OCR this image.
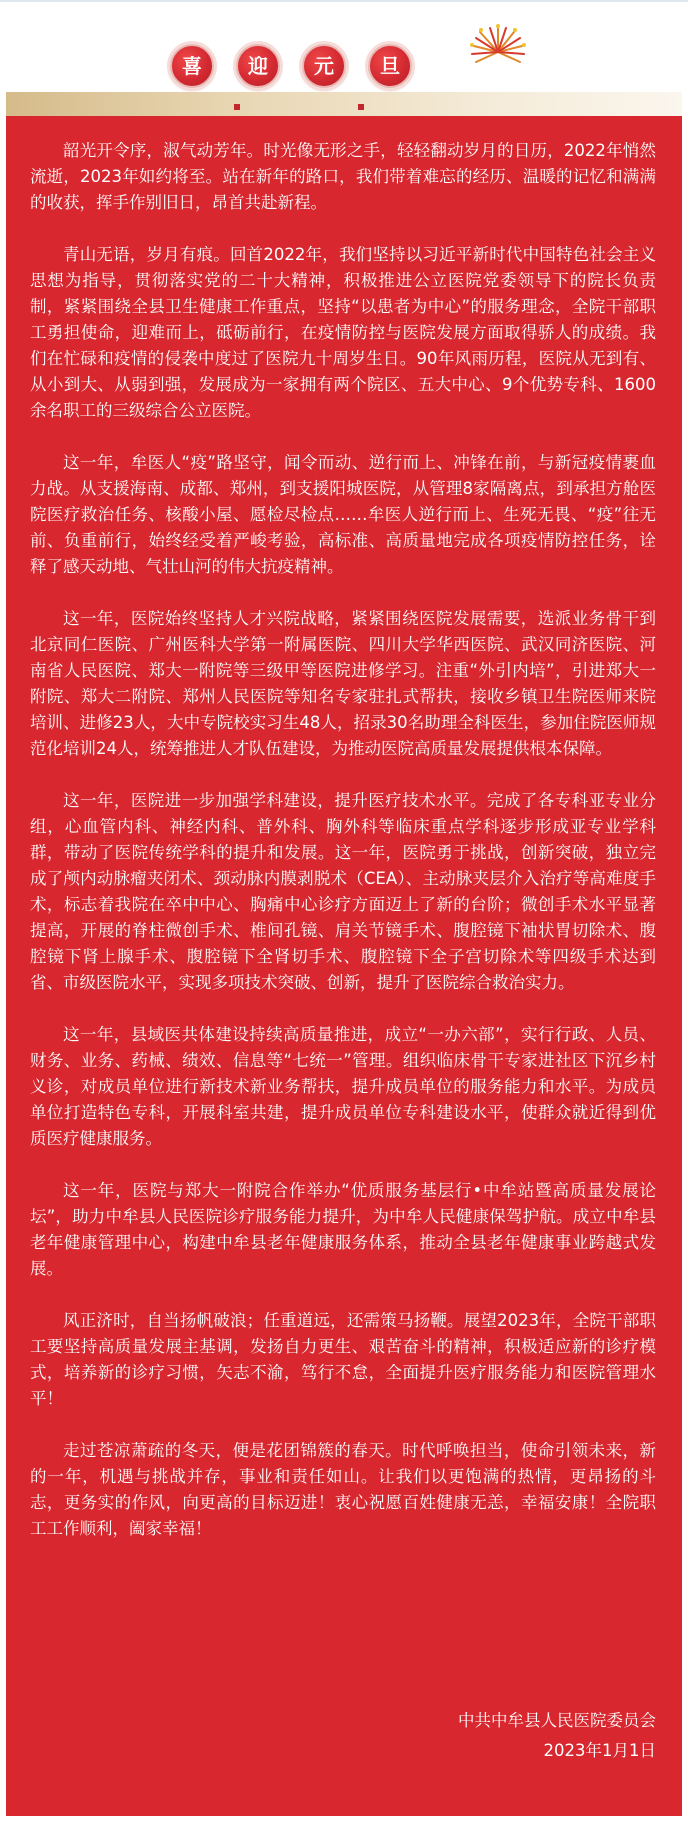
喜	迎	元	旦

韶光开令序，淑气动芳年。时光像无形之手，轻轻翻动岁月的日历，2022年悄然流逝，2023年如约将至。站在新年的路口，我们带着难忘的经历、温暖的记忆和满满的收获，挥手作别旧日，昂首共赴新程。

青山无语，岁月有痕。回首2022年，我们坚持以习近平新时代中国特色社会主义思想为指导，贯彻落实党的二十大精神，积极推进公立医院党委领导下的院长负责制，紧紧围绕全县卫生健康工作重点，坚持“以患者为中心”的服务理念，全院干部职工勇担使命，迎难而上，砥砺前行，在疫情防控与医院发展方面取得骄人的成绩。我们在忙碌和疫情的侵袭中度过了医院九十周岁生日。90年风雨历程，医院从无到有、从小到大、从弱到强，发展成为一家拥有两个院区、五大中心、9个优势专科、1600余名职工的三级综合公立医院。

这一年，牟医人“疫”路坚守，闻令而动、逆行而上、冲锋在前，与新冠疫情裹血力战。从支援海南、成都、郑州，到支援阳城医院，从管理8家隔离点，到承担方舱医院医疗救治任务、核酸小屋、愿检尽检点……牟医人逆行而上、生死无畏、“疫”往无前、负重前行，始终经受着严峻考验，高标准、高质量地完成各项疫情防控任务，诠释了感天动地、气壮山河的伟大抗疫精神。

这一年，医院始终坚持人才兴院战略，紧紧围绕医院发展需要，选派业务骨干到北京同仁医院、广州医科大学第一附属医院、四川大学华西医院、武汉同济医院、河南省人民医院、郑大一附院等三级甲等医院进修学习。注重“外引内培”，引进郑大一附院、郑大二附院、郑州人民医院等知名专家驻扎式帮扶，接收乡镇卫生院医师来院培训、进修23人，大中专院校实习生48人，招录30名助理全科医生，参加住院医师规范化培训24人，统筹推进人才队伍建设，为推动医院高质量发展提供根本保障。

这一年，医院进一步加强学科建设，提升医疗技术水平。完成了各专科亚专业分组，心血管内科、神经内科、普外科、胸外科等临床重点学科逐步形成亚专业学科群，带动了医院传统学科的提升和发展。这一年，医院勇于挑战，创新突破，独立完成了颅内动脉瘤夹闭术、颈动脉内膜剥脱术（CEA）、主动脉夹层介入治疗等高难度手术，标志着我院在卒中中心、胸痛中心诊疗方面迈上了新的台阶；微创手术水平显著提高，开展的脊柱微创手术、椎间孔镜、肩关节镜手术、腹腔镜下袖状胃切除术、腹腔镜下肾上腺手术、腹腔镜下全肾切手术、腹腔镜下全子宫切除术等四级手术达到省、市级医院水平，实现多项技术突破、创新，提升了医院综合救治实力。

这一年，县域医共体建设持续高质量推进，成立“一办六部”，实行行政、人员、财务、业务、药械、绩效、信息等“七统一”管理。组织临床骨干专家进社区下沉乡村义诊，对成员单位进行新技术新业务帮扶，提升成员单位的服务能力和水平。为成员单位打造特色专科，开展科室共建，提升成员单位专科建设水平，使群众就近得到优质医疗健康服务。

这一年，医院与郑大一附院合作举办“优质服务基层行•中牟站暨高质量发展论坛”，助力中牟县人民医院诊疗服务能力提升，为中牟人民健康保驾护航。成立中牟县老年健康管理中心，构建中牟县老年健康服务体系，推动全县老年健康事业跨越式发展。

风正济时，自当扬帆破浪；任重道远，还需策马扬鞭。展望2023年，全院干部职工要坚持高质量发展主基调，发扬自力更生、艰苦奋斗的精神，积极适应新的诊疗模式，培养新的诊疗习惯，矢志不渝，笃行不怠，全面提升医疗服务能力和医院管理水平！

走过苍凉萧疏的冬天，便是花团锦簇的春天。时代呼唤担当，使命引领未来，新的一年，机遇与挑战并存，事业和责任如山。让我们以更饱满的热情，更昂扬的斗志，更务实的作风，向更高的目标迈进！衷心祝愿百姓健康无恙，幸福安康！全院职工工作顺利，阖家幸福！

中共中牟县人民医院委员会
2023年1月1日
